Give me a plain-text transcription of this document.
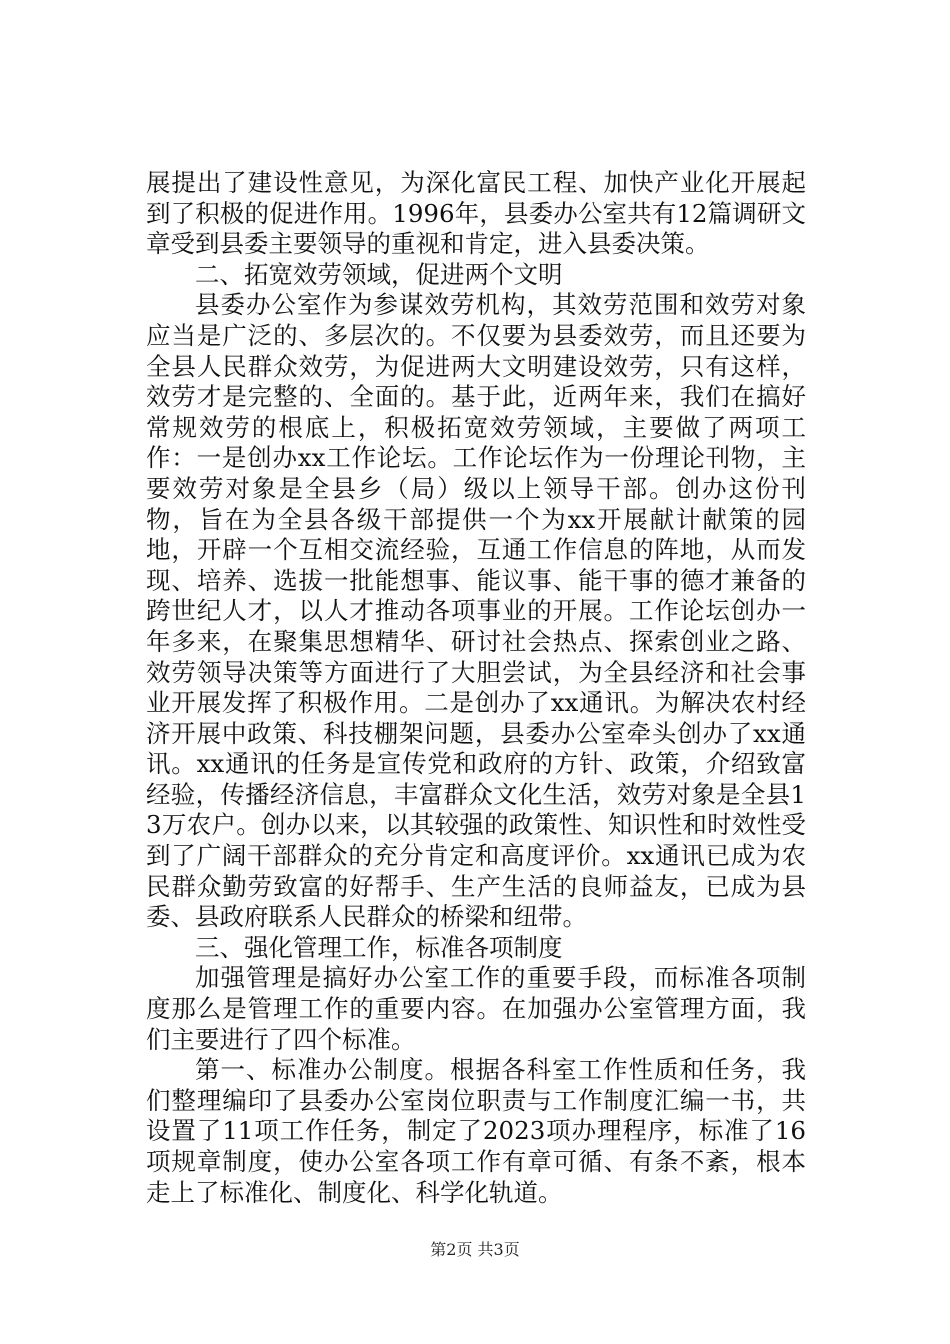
展提出了建设性意见，为深化富民工程、加快产业化开展起到了积极的促进作用。1996年，县委办公室共有12篇调研文章受到县委主要领导的重视和肯定，进入县委决策。

二、拓宽效劳领域，促进两个文明

县委办公室作为参谋效劳机构，其效劳范围和效劳对象应当是广泛的、多层次的。不仅要为县委效劳，而且还要为全县人民群众效劳，为促进两大文明建设效劳，只有这样，效劳才是完整的、全面的。基于此，近两年来，我们在搞好常规效劳的根底上，积极拓宽效劳领域，主要做了两项工作：一是创办xx工作论坛。工作论坛作为一份理论刊物，主要效劳对象是全县乡（局）级以上领导干部。创办这份刊物，旨在为全县各级干部提供一个为xx开展献计献策的园地，开辟一个互相交流经验，互通工作信息的阵地，从而发现、培养、选拔一批能想事、能议事、能干事的德才兼备的跨世纪人才，以人才推动各项事业的开展。工作论坛创办一年多来，在聚集思想精华、研讨社会热点、探索创业之路、效劳领导决策等方面进行了大胆尝试，为全县经济和社会事业开展发挥了积极作用。二是创办了xx通讯。为解决农村经济开展中政策、科技棚架问题，县委办公室牵头创办了xx通讯。xx通讯的任务是宣传党和政府的方针、政策，介绍致富经验，传播经济信息，丰富群众文化生活，效劳对象是全县13万农户。创办以来，以其较强的政策性、知识性和时效性受到了广阔干部群众的充分肯定和高度评价。xx通讯已成为农民群众勤劳致富的好帮手、生产生活的良师益友，已成为县委、县政府联系人民群众的桥梁和纽带。

三、强化管理工作，标准各项制度

加强管理是搞好办公室工作的重要手段，而标准各项制度那么是管理工作的重要内容。在加强办公室管理方面，我们主要进行了四个标准。

第一、标准办公制度。根据各科室工作性质和任务，我们整理编印了县委办公室岗位职责与工作制度汇编一书，共设置了11项工作任务，制定了2023项办理程序，标准了16项规章制度，使办公室各项工作有章可循、有条不紊，根本走上了标准化、制度化、科学化轨道。

第2页 共3页
